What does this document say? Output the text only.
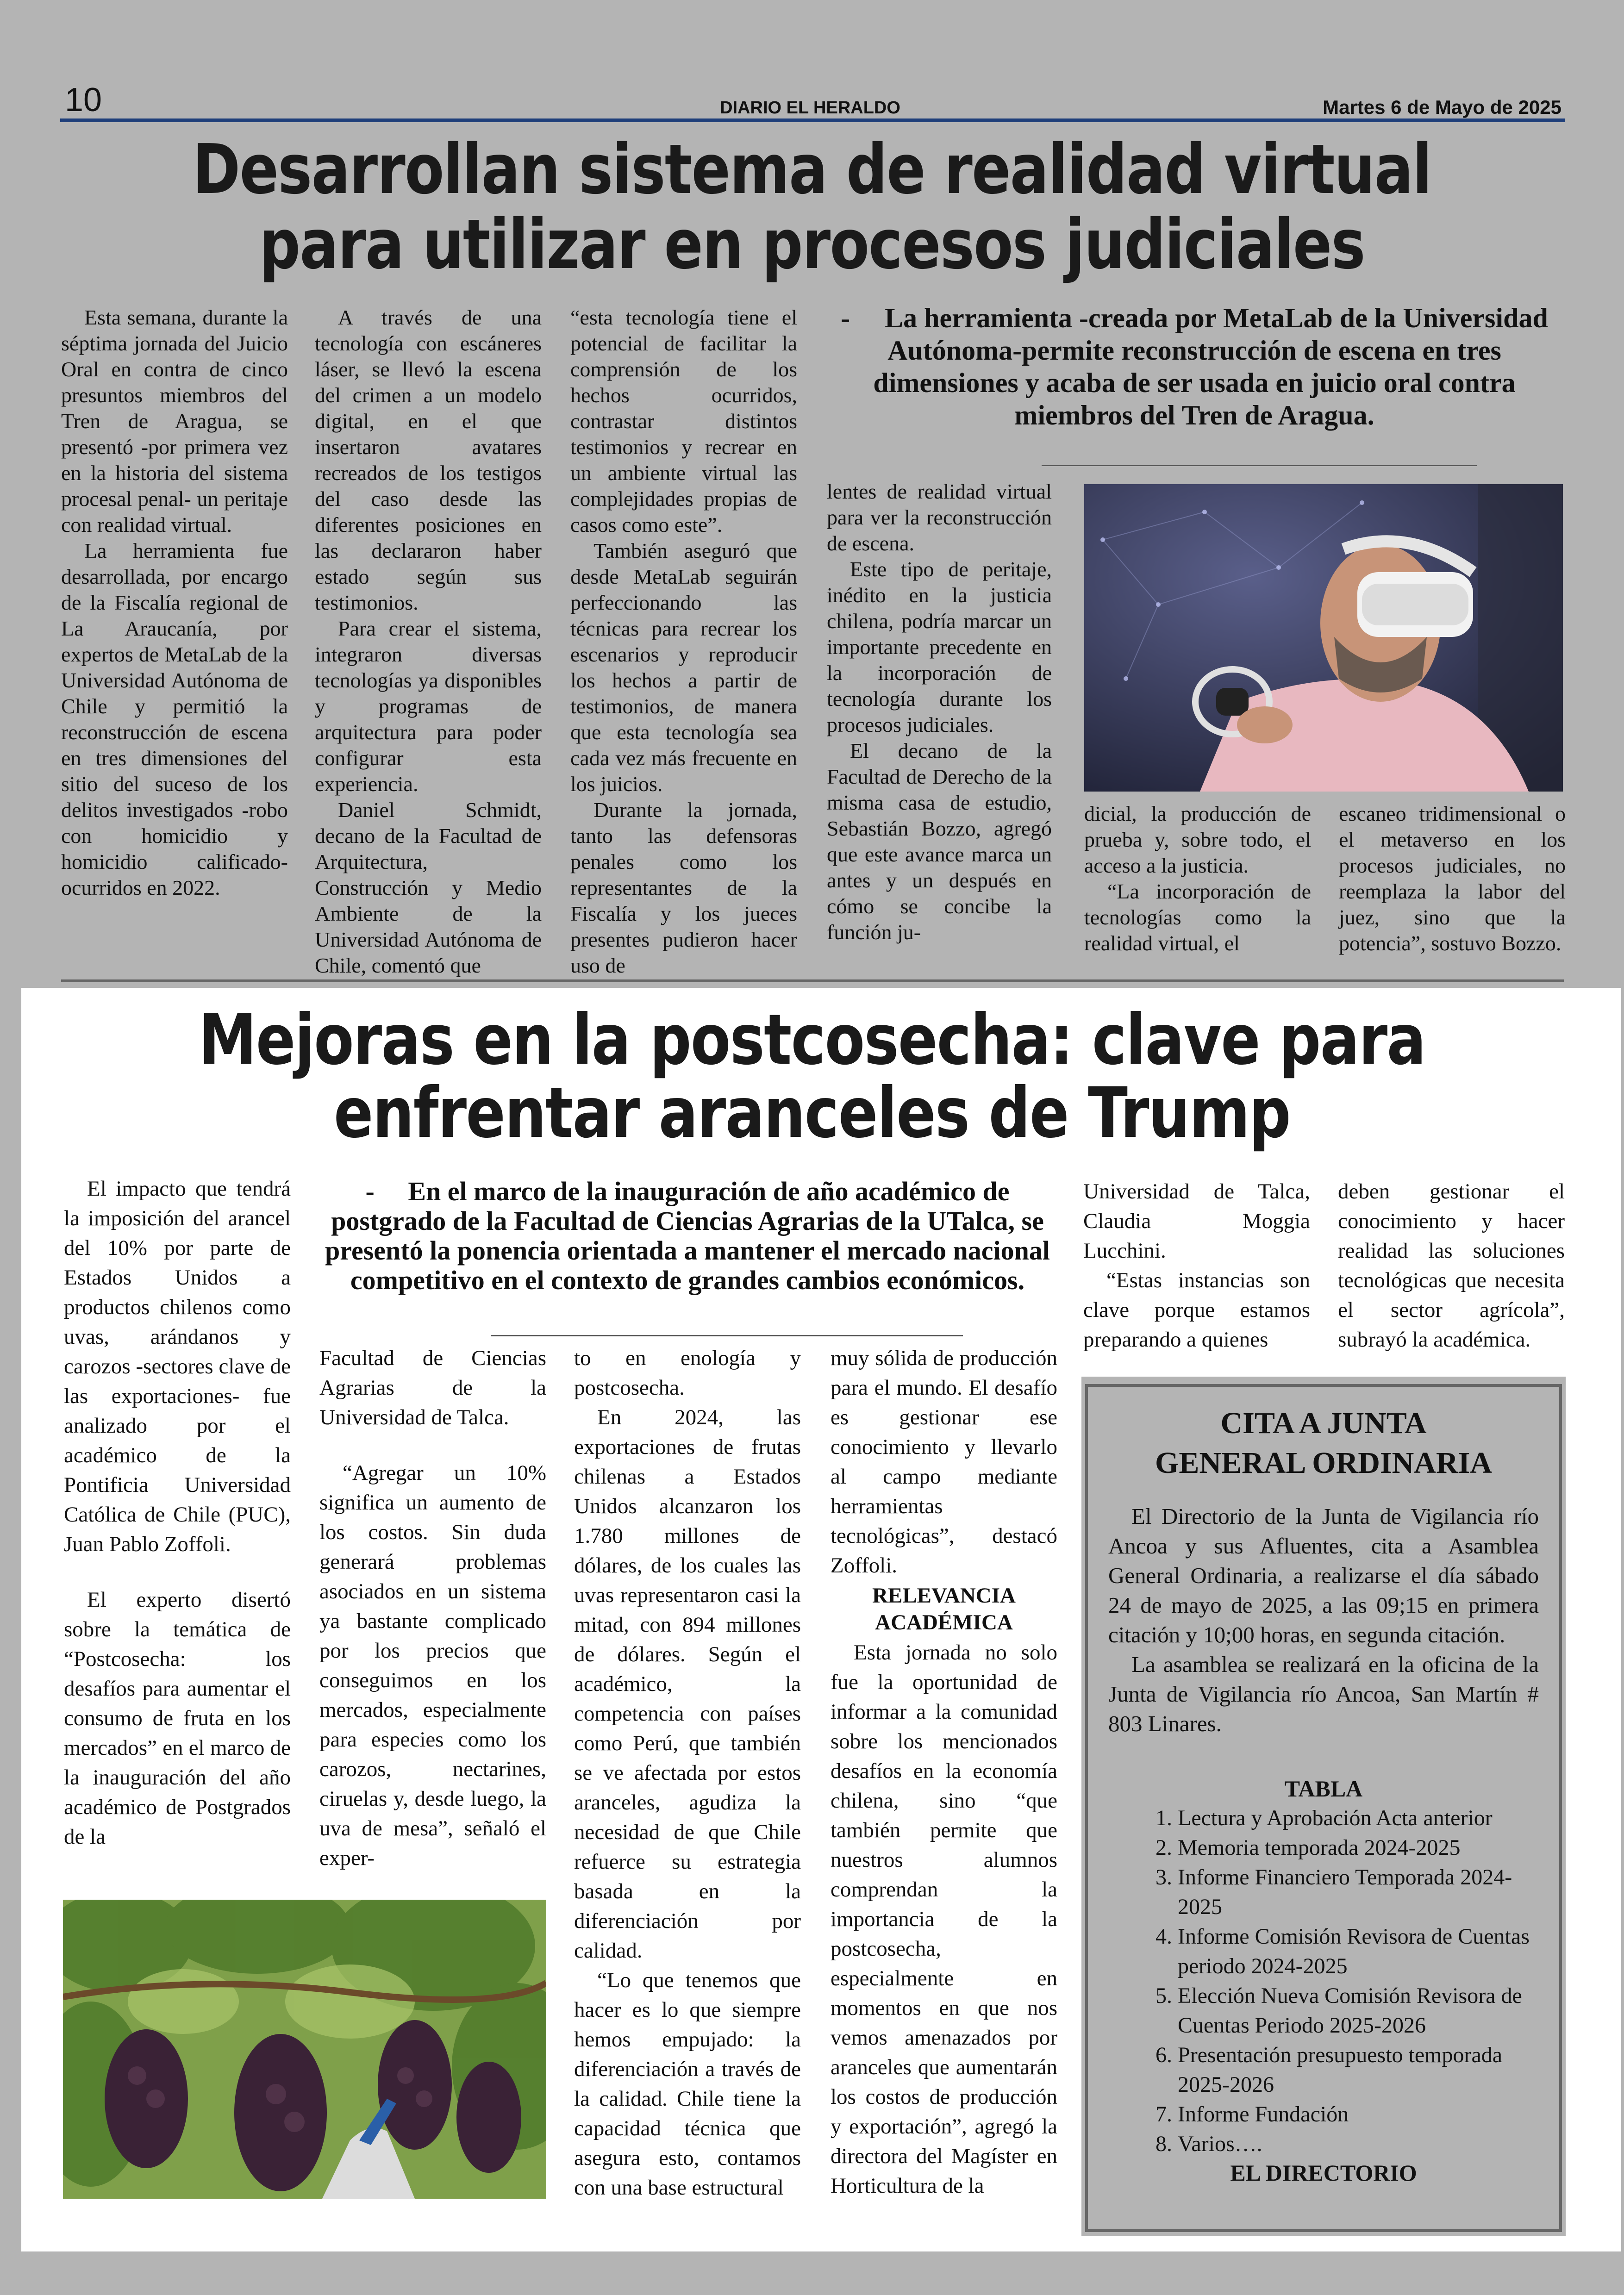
10	DIARIO EL HERALDO	Martes 6 de Mayo de 2025
Desarrollan sistema de realidad virtual
para utilizar en procesos judiciales

Esta semana, durante la séptima jornada del Juicio Oral en contra de cinco presuntos miembros del Tren de Aragua, se presentó -por primera vez en la historia del sistema procesal penal- un peritaje con realidad virtual.

La herramienta fue desarrollada, por encargo de la Fiscalía regional de La Araucanía, por expertos de MetaLab de la Universidad Autónoma de Chile y permitió la reconstrucción de escena en tres dimensiones del sitio del suceso de los delitos investigados -robo con homicidio y homicidio calificado- ocurridos en 2022.

A través de una tecnología con escáneres láser, se llevó la escena del crimen a un modelo digital, en el que insertaron avatares recreados de los testigos del caso desde las diferentes posiciones en las declararon haber estado según sus testimonios.

Para crear el sistema, integraron diversas tecnologías ya disponibles y programas de arquitectura para poder configurar esta experiencia.

Daniel Schmidt, decano de la Facultad de Arquitectura, Construcción y Medio Ambiente de la Universidad Autónoma de Chile, comentó que

“esta tecnología tiene el potencial de facilitar la comprensión de los hechos ocurridos, contrastar distintos testimonios y recrear en un ambiente virtual las complejidades propias de casos como este”.

También aseguró que desde MetaLab seguirán perfeccionando las técnicas para recrear los escenarios y reproducir los hechos a partir de testimonios, de manera que esta tecnología sea cada vez más frecuente en los juicios.

Durante la jornada, tanto las defensoras penales como los representantes de la Fiscalía y los jueces presentes pudieron hacer uso de

-     La herramienta -creada por MetaLab de la Universidad Autónoma-permite reconstrucción de escena en tres dimensiones y acaba de ser usada en juicio oral contra miembros del Tren de Aragua.

lentes de realidad virtual para ver la reconstrucción de escena.

Este tipo de peritaje, inédito en la justicia chilena, podría marcar un importante precedente en la incorporación de tecnología durante los procesos judiciales.

El decano de la Facultad de Derecho de la misma casa de estudio, Sebastián Bozzo, agregó que este avance marca un antes y un después en cómo se concibe la función ju-

dicial, la producción de prueba y, sobre todo, el acceso a la justicia.

“La incorporación de tecnologías como la realidad virtual, el

escaneo tridimensional o el metaverso en los procesos judiciales, no reemplaza la labor del juez, sino que la potencia”, sostuvo Bozzo.

Mejoras en la postcosecha: clave para
enfrentar aranceles de Trump

El impacto que tendrá la imposición del arancel del 10% por parte de Estados Unidos a productos chilenos como uvas, arándanos y carozos -sectores clave de las exportaciones- fue analizado por el académico de la Pontificia Universidad Católica de Chile (PUC), Juan Pablo Zoffoli.

El experto disertó sobre la temática de “Postcosecha: los desafíos para aumentar el consumo de fruta en los mercados” en el marco de la inauguración del año académico de Postgrados de la

-     En el marco de la inauguración de año académico de postgrado de la Facultad de Ciencias Agrarias de la UTalca, se presentó la ponencia orientada a mantener el mercado nacional competitivo en el contexto de grandes cambios económicos.

Facultad de Ciencias Agrarias de la Universidad de Talca.

“Agregar un 10% significa un aumento de los costos. Sin duda generará problemas asociados en un sistema ya bastante complicado por los precios que conseguimos en los mercados, especialmente para especies como los carozos, nectarines, ciruelas y, desde luego, la uva de mesa”, señaló el exper-

to en enología y postcosecha.

En 2024, las exportaciones de frutas chilenas a Estados Unidos alcanzaron los 1.780 millones de dólares, de los cuales las uvas representaron casi la mitad, con 894 millones de dólares. Según el académico, la competencia con países como Perú, que también se ve afectada por estos aranceles, agudiza la necesidad de que Chile refuerce su estrategia basada en la diferenciación por calidad.

“Lo que tenemos que hacer es lo que siempre hemos empujado: la diferenciación a través de la calidad. Chile tiene la capacidad técnica que asegura esto, contamos con una base estructural

muy sólida de producción para el mundo. El desafío es gestionar ese conocimiento y llevarlo al campo mediante herramientas tecnológicas”, destacó Zoffoli.

RELEVANCIA ACADÉMICA

Esta jornada no solo fue la oportunidad de informar a la comunidad sobre los mencionados desafíos en la economía chilena, sino “que también permite que nuestros alumnos comprendan la importancia de la postcosecha, especialmente en momentos en que nos vemos amenazados por aranceles que aumentarán los costos de producción y exportación”, agregó la directora del Magíster en Horticultura de la

Universidad de Talca, Claudia Moggia Lucchini.

“Estas instancias son clave porque estamos preparando a quienes

deben gestionar el conocimiento y hacer realidad las soluciones tecnológicas que necesita el sector agrícola”, subrayó la académica.

CITA A JUNTA GENERAL ORDINARIA

El Directorio de la Junta de Vigilancia río Ancoa y sus Afluentes, cita a Asamblea General Ordinaria, a realizarse el día sábado 24 de mayo de 2025, a las 09;15 en primera citación y 10;00 horas, en segunda citación.

La asamblea se realizará en la oficina de la Junta de Vigilancia río Ancoa, San Martín # 803 Linares.

TABLA
1. Lectura y Aprobación Acta anterior
2. Memoria temporada 2024-2025
3. Informe Financiero Temporada 2024-2025
4. Informe Comisión Revisora de Cuentas periodo 2024-2025
5. Elección Nueva Comisión Revisora de Cuentas Periodo 2025-2026
6. Presentación presupuesto temporada 2025-2026
7. Informe Fundación
8. Varios….
EL DIRECTORIO
